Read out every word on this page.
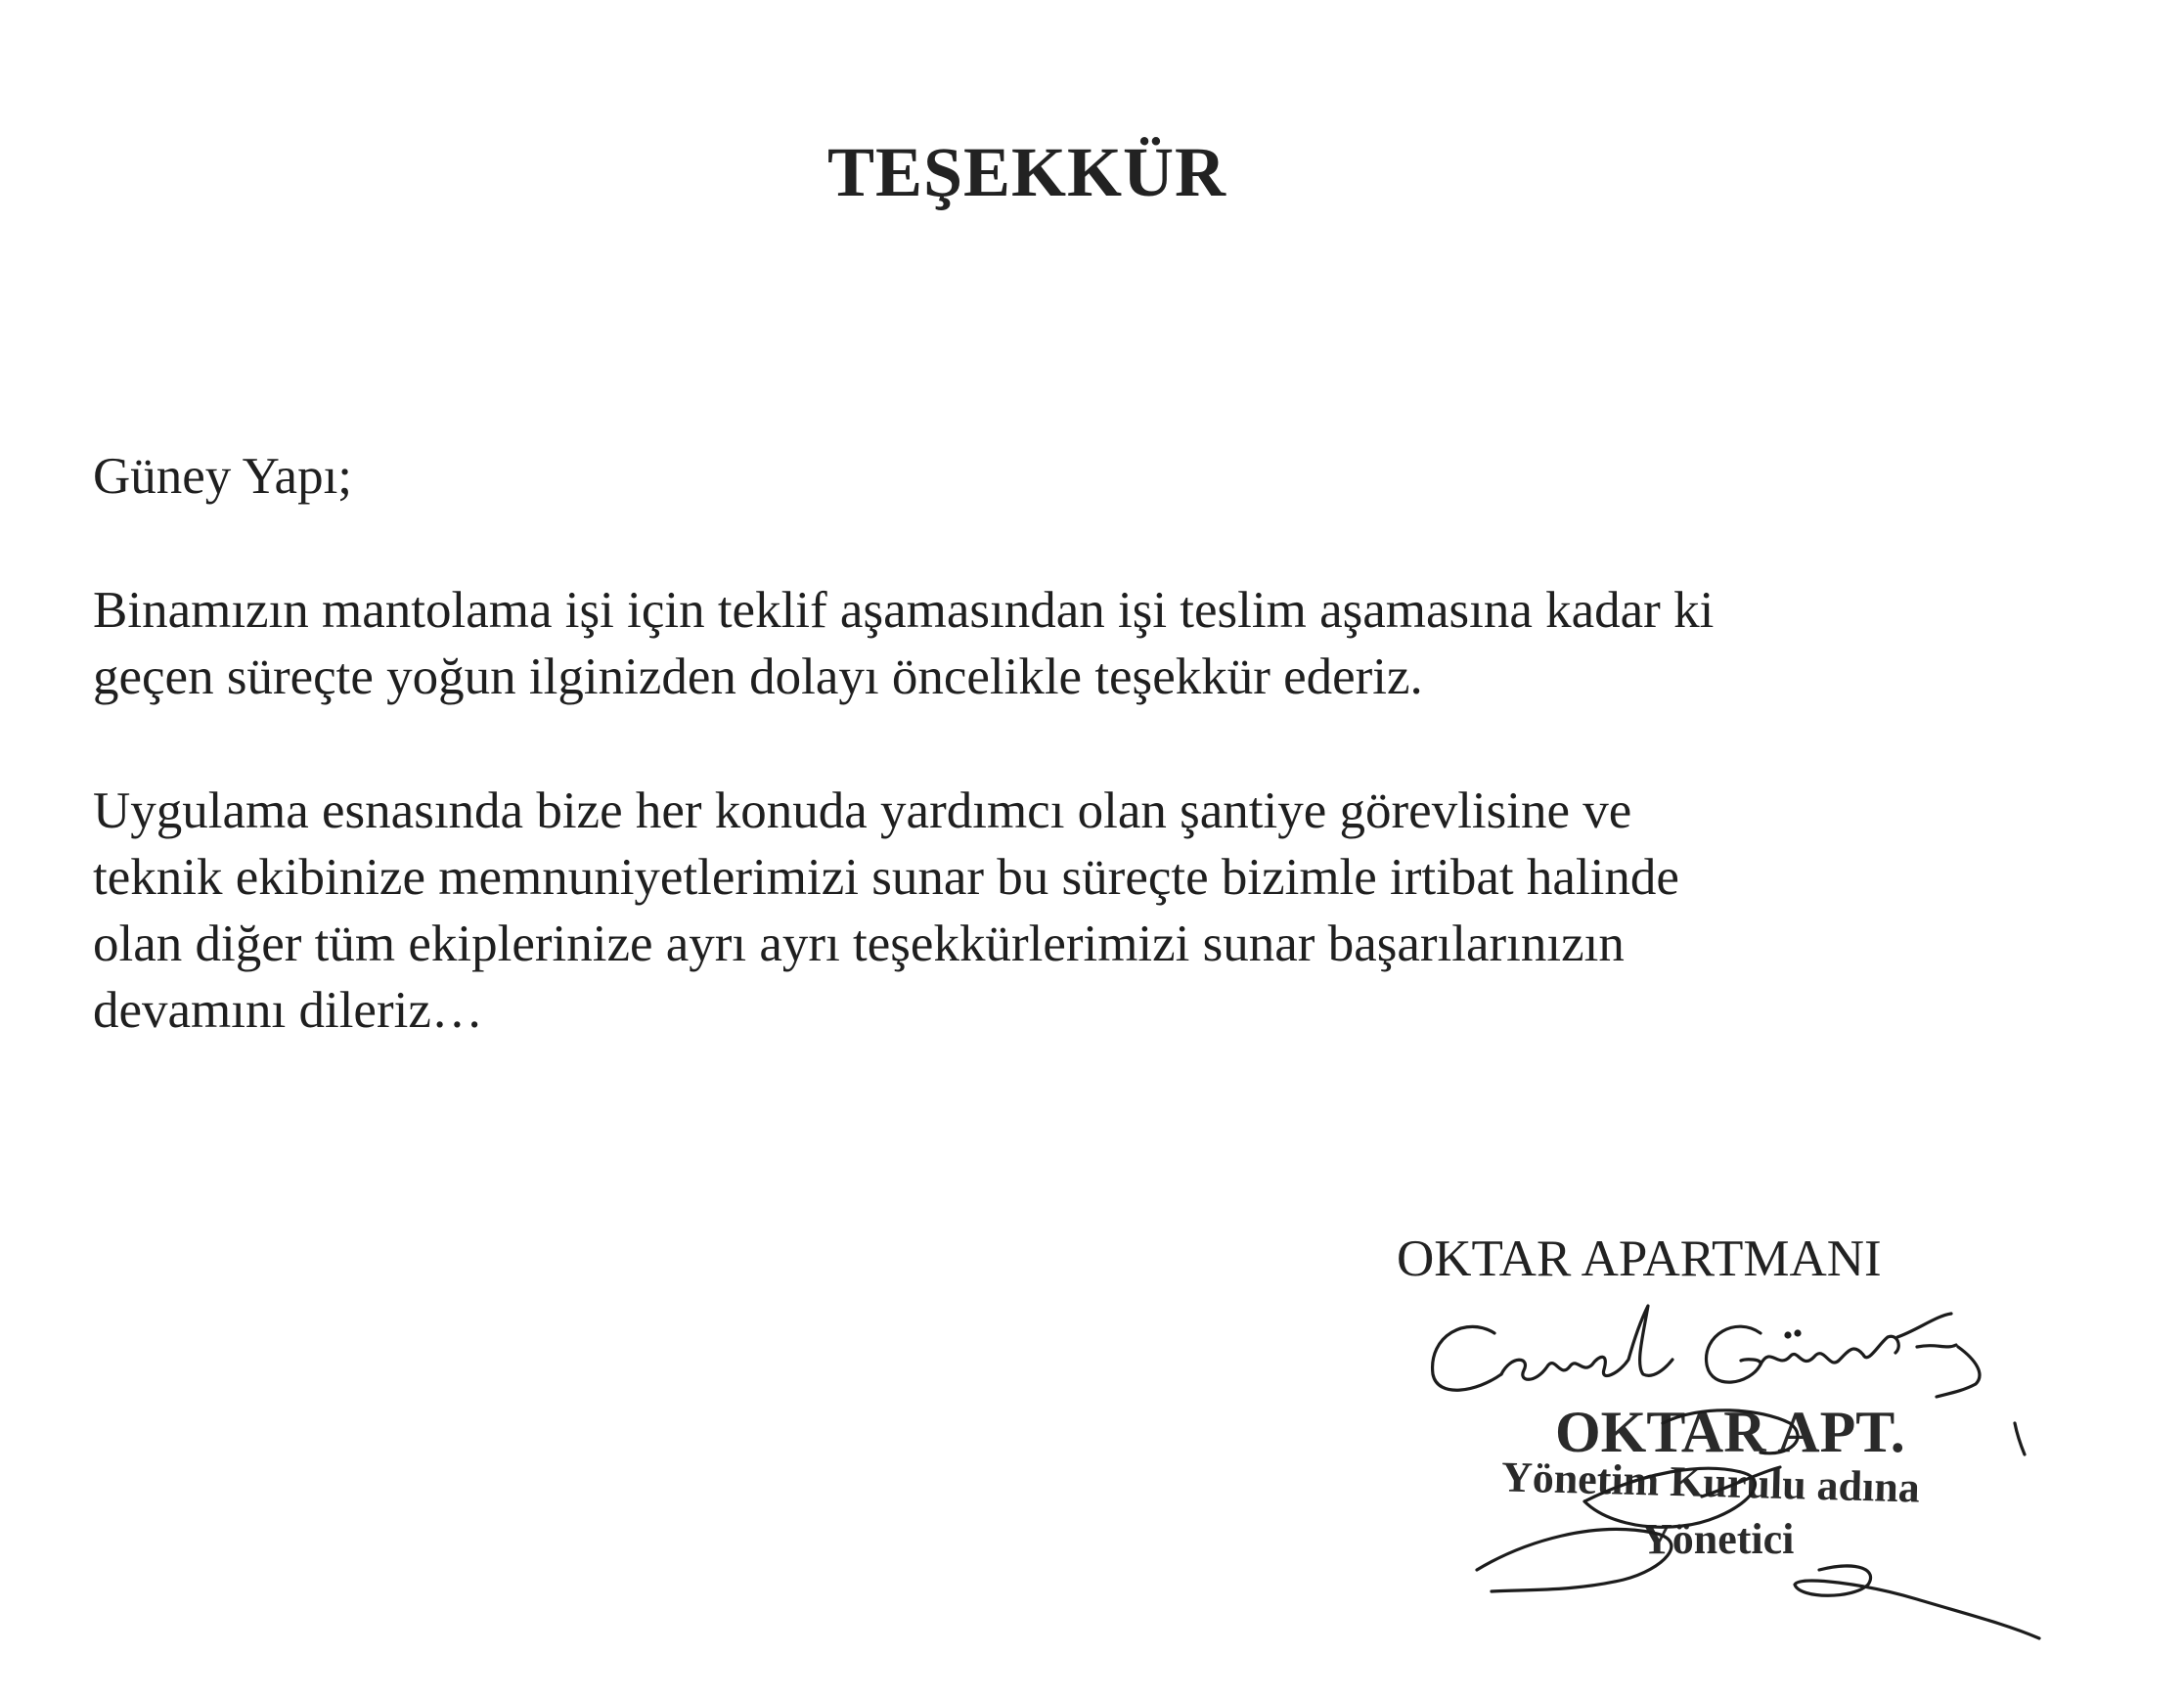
TEŞEKKÜR

Güney Yapı;

Binamızın mantolama işi için teklif aşamasından işi teslim aşamasına kadar ki
geçen süreçte yoğun ilginizden dolayı öncelikle teşekkür ederiz.

Uygulama esnasında bize her konuda yardımcı olan şantiye görevlisine ve
teknik ekibinize memnuniyetlerimizi sunar bu süreçte bizimle irtibat halinde
olan diğer tüm ekiplerinize ayrı ayrı teşekkürlerimizi sunar başarılarınızın
devamını dileriz…

OKTAR APARTMANI
OKTAR APT.
Yönetim Kurulu adına
Yönetici
